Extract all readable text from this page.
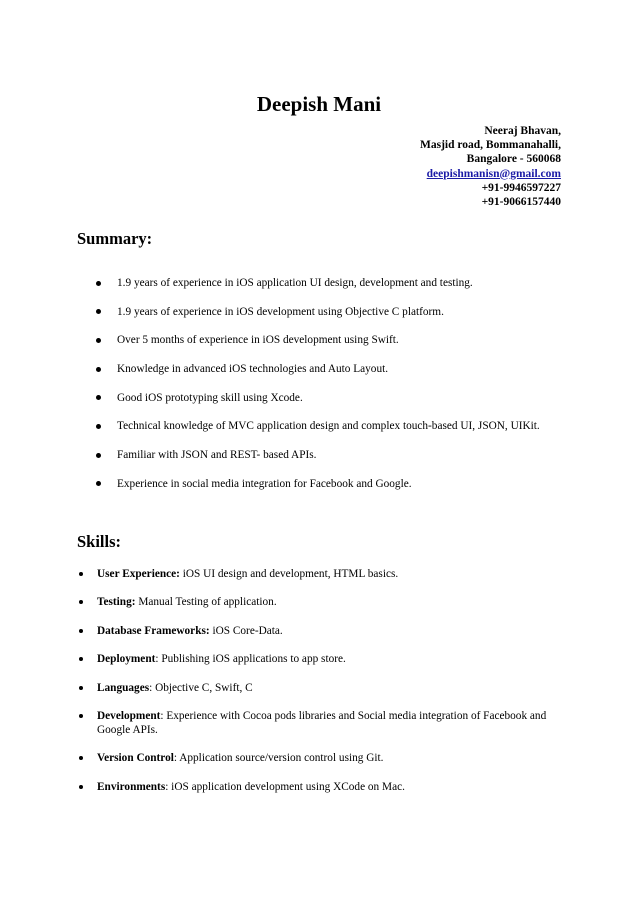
Deepish Mani
Neeraj Bhavan,
Masjid road, Bommanahalli,
Bangalore - 560068
deepishmanisn@gmail.com
+91-9946597227
+91-9066157440
Summary:
1.9 years of experience in iOS application UI design, development and testing.
1.9 years of experience in iOS development using Objective C platform.
Over 5 months of experience in iOS development using Swift.
Knowledge in advanced iOS technologies and Auto Layout.
Good iOS prototyping skill using Xcode.
Technical knowledge of MVC application design and complex touch-based UI, JSON, UIKit.
Familiar with JSON and REST- based APIs.
Experience in social media integration for Facebook and Google.
Skills:
User Experience: iOS UI design and development, HTML basics.
Testing: Manual Testing of application.
Database Frameworks: iOS Core-Data.
Deployment: Publishing iOS applications to app store.
Languages: Objective C, Swift, C
Development: Experience with Cocoa pods libraries and Social media integration of Facebook and Google APIs.
Version Control: Application source/version control using Git.
Environments: iOS application development using XCode on Mac.
